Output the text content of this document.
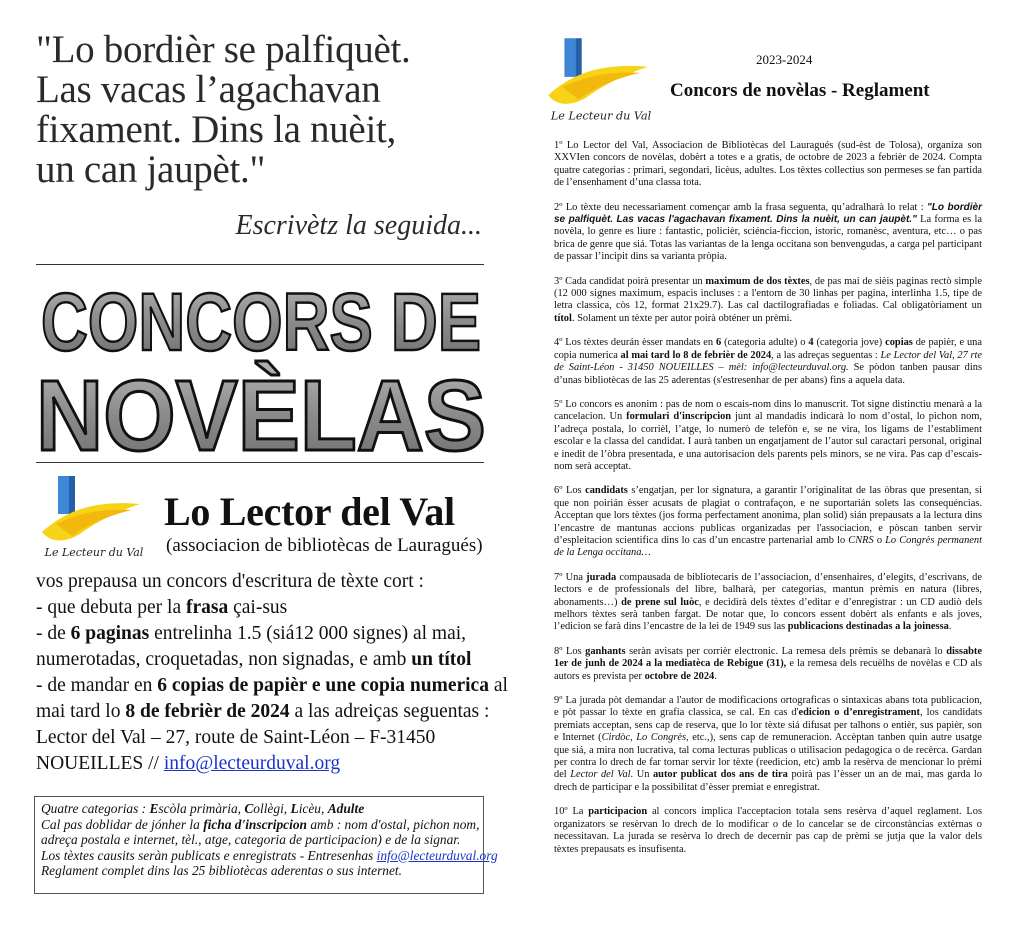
"Lo bordièr se palfiquèt.
Las vacas l’agachavan
fixament. Dins la nuèit,
un can jaupèt."
Escrivètz la seguida...
CONCORS DE
NOVÈLAS
Le Lecteur du Val
Lo Lector del Val
(associacion de bibliotècas de Lauragués)
vos prepausa un concors d'escritura de tèxte cort :
- que debuta per la frasa çai-sus
- de 6 paginas entrelinha 1.5 (siá12 000 signes) al mai,
numerotadas, croquetadas, non signadas, e amb un títol
- de mandar en 6 copias de papièr e une copia numerica al
mai tard lo 8 de febrièr de 2024 a las adreiças seguentas :
Lector del Val – 27, route de Saint-Léon – F-31450
NOUEILLES // info@lecteurduval.org
Quatre categorias : Escòla primària, Collègi, Licèu, Adulte
Cal pas doblidar de jónher la ficha d'inscripcion amb : nom d'ostal, pichon nom,
adreça postala e internet, tèl., atge, categoria de participacion) e de la signar.
Los tèxtes causits seràn publicats e enregistrats - Entresenhas info@lecteurduval.org
Reglament complet dins las 25 bibliotècas aderentas o sus internet.
Le Lecteur du Val
2023-2024
Concors de novèlas - Reglament

1º Lo Lector del Val, Associacion de Bibliotècas del Lauragués (sud-èst de Tolosa), organiza son XXVIen concors de novèlas, dobèrt a totes e a gratis, de octobre de 2023 a febrièr de 2024. Compta quatre categorias : primari, segondari, licèus, adultes. Los tèxtes collectius son permeses se fan partida de l’ensenhament d’una classa tota.

2º Lo tèxte deu necessariament començar amb la frasa seguenta, qu’adralharà lo relat : "Lo bordièr se palfiquèt. Las vacas l'agachavan fixament. Dins la nuèit, un can jaupèt." La forma es la novèla, lo genre es liure : fantastic, policièr, sciéncia-ficcion, istoric, romanèsc, aventura, etc… o pas brica de genre que siá. Totas las variantas de la lenga occitana son benvengudas, a carga pel participant de passar l’incipit dins sa varianta pròpia.

3º Cada candidat poirà presentar un maximum de dos tèxtes, de pas mai de sièis paginas rectò simple (12 000 signes maximum, espacis incluses : a l'entorn de 30 linhas per pagina, interlinha 1.5, tipe de letra classica, còs 12, format 21x29.7). Las cal dactilografiadas e foliadas. Cal obligatòriament un títol. Solament un tèxte per autor poirà obténer un prèmi.

4º Los tèxtes deurán èsser mandats en 6 (categoria adulte) o 4 (categoria jove) copias de papièr, e una copia numerica al mai tard lo 8 de febrièr de 2024, a las adreças seguentas : Le Lector del Val, 27 rte de Saint-Léon - 31450 NOUEILLES – mèl: info@lecteurduval.org. Se pòdon tanben pausar dins d’unas bibliotècas de las 25 aderentas (s'estresenhar de per abans) fins a aquela data.

5º Lo concors es anonim : pas de nom o escais-nom dins lo manuscrit. Tot signe distinctiu menarà a la cancelacion. Un formulari d'inscripcion junt al mandadis indicarà lo nom d’ostal, lo pichon nom, l’adreça postala, lo corrièl, l’atge, lo numerò de telefòn e, se ne vira, los ligams de l’establiment escolar e la classa del candidat. I aurà tanben un engatjament de l’autor sul caractari personal, original e inedit de l’òbra presentada, e una autorisacion dels parents pels minors, se ne vira. Pas cap d’escais-nom serà acceptat.

6º Los candidats s’engatjan, per lor signatura, a garantir l’originalitat de las òbras que presentan, si que non poirián èsser acusats de plagiat o contrafaçon, e ne suportarián solets las consequéncias. Acceptan que lors tèxtes (jos forma perfectament anonima, plan solid) sián prepausats a la lectura dins l’encastre de mantunas accions publicas organizadas per l'associacion, e pòscan tanben servir d’espleitacion scientifica dins lo cas d’un encastre partenarial amb lo CNRS o Lo Congrès permanent de la Lenga occitana…

7º Una jurada compausada de bibliotecaris de l’associacion, d’ensenhaires, d’elegits, d’escrivans, de lectors e de professionals del libre, balharà, per categorias, mantun prèmis en natura (libres, abonaments…) de prene sul luòc, e decidirà dels tèxtes d’editar e d’enregistrar : un CD audiò dels melhors tèxtes serà tanben fargat. De notar que, lo concors essent dobèrt als enfants e als joves, l’edicion se farà dins l’encastre de la lei de 1949 sus las publicacions destinadas a la joinessa.

8º Los ganhants seràn avisats per corrièr electronic. La remesa dels prèmis se debanarà lo dissabte 1er de junh de 2024 a la mediatèca de Rebigue (31), e la remesa dels recuèlhs de novèlas e CD als autors es prevista per octobre de 2024.

9º La jurada pòt demandar a l'autor de modificacions ortograficas o sintaxicas abans tota publicacion, e pòt passar lo tèxte en grafia classica, se cal. En cas d'edicion o d’enregistrament, los candidats premiats acceptan, sens cap de reserva, que lo lor tèxte siá difusat per talhons o entièr, sus papièr, son e Internet (Cirdòc, Lo Congrès, etc.,), sens cap de remuneracion. Accèptan tanben quin autre usatge que siá, a mira non lucrativa, tal coma lecturas publicas o utilisacion pedagogica o de recèrca. Gardan per contra lo drech de far tornar servir lor tèxte (reedicion, etc) amb la resèrva de mencionar lo prèmi del Lector del Val. Un autor publicat dos ans de tira poirà pas l’èsser un an de mai, mas garda lo drech de participar e la possibilitat d’èsser premiat e enregistrat.

10º La participacion al concors implica l'acceptacion totala sens resèrva d’aquel reglament. Los organizators se resèrvan lo drech de lo modificar o de lo cancelar se de circonstàncias extèrnas o necessitavan. La jurada se resèrva lo drech de decernir pas cap de prèmi se jutja que la valor dels tèxtes prepausats es insufisenta.
